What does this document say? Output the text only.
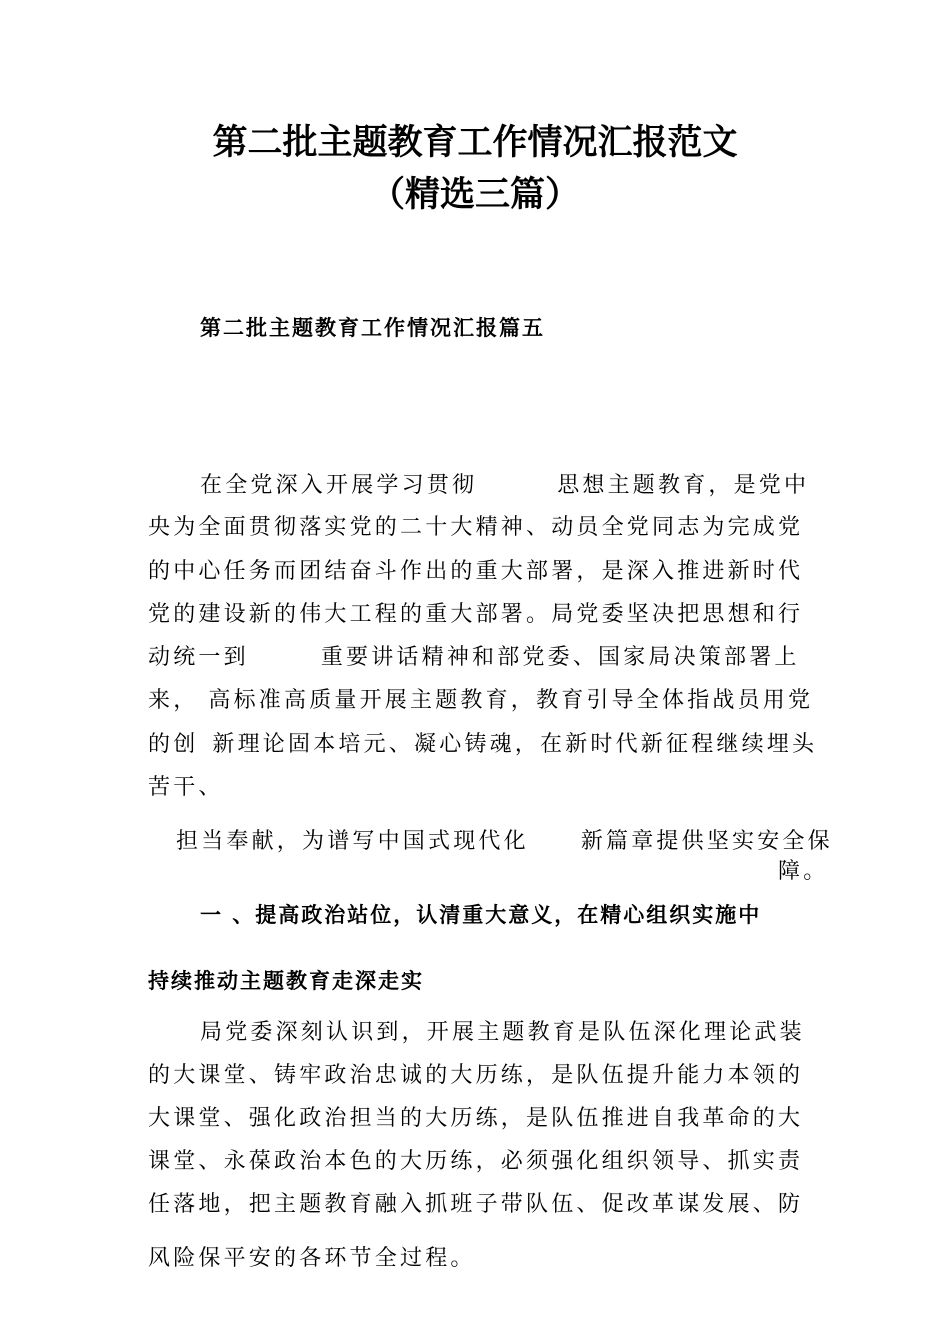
第二批主题教育工作情况汇报范文
（精选三篇）
第二批主题教育工作情况汇报篇五

在全党深入开展学习贯彻	思想主题教育，是党中

央为全面贯彻落实党的二十大精神、动员全党同志为完成党

的中心任务而团结奋斗作出的重大部署，是深入推进新时代

党的建设新的伟大工程的重大部署。局党委坚决把思想和行

动统一到	重要讲话精神和部党委、国家局决策部署上

来， 高标准高质量开展主题教育，教育引导全体指战员用党

的创 新理论固本培元、凝心铸魂，在新时代新征程继续埋头

苦干、

担当奉献，为谱写中国式现代化 新篇章提供坚实安全保

障。

一 、提高政治站位，认清重大意义，在精心组织实施中

持续推动主题教育走深走实

局党委深刻认识到，开展主题教育是队伍深化理论武装

的大课堂、铸牢政治忠诚的大历练，是队伍提升能力本领的

大课堂、强化政治担当的大历练，是队伍推进自我革命的大

课堂、永葆政治本色的大历练，必须强化组织领导、抓实责

任落地，把主题教育融入抓班子带队伍、促改革谋发展、防

风险保平安的各环节全过程。
